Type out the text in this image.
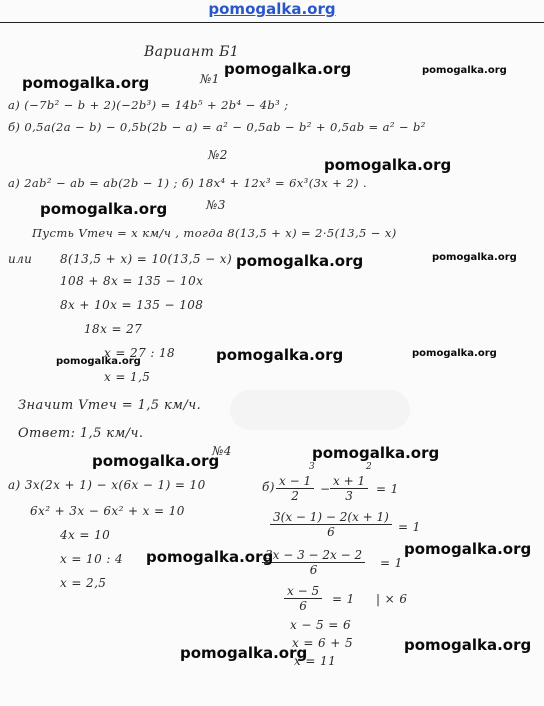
pomogalka.org
Вариант Б1
№1
а) (−7b² − b + 2)(−2b³) = 14b⁵ + 2b⁴ − 4b³ ;
б) 0,5a(2a − b) − 0,5b(2b − a) = a² − 0,5ab − b² + 0,5ab = a² − b²
№2
а) 2ab² − ab = ab(2b − 1) ; б) 18x⁴ + 12x³ = 6x³(3x + 2) .
№3
Пусть Vтеч = x км/ч , тогда 8(13,5 + x) = 2·5(13,5 − x)
или 8(13,5 + x) = 10(13,5 − x)
108 + 8x = 135 − 10x
8x + 10x = 135 − 108
18x = 27
x = 27 : 18
x = 1,5
Значит Vтеч = 1,5 км/ч.
Ответ: 1,5 км/ч.
№4
а) 3x(2x + 1) − x(6x − 1) = 10
6x² + 3x − 6x² + x = 10
4x = 10
x = 10 : 4
x = 2,5
б)
3	2
$\frac{x - 1}{2} - \frac{x + 1}{3} = 1$
$\frac{3(x - 1) - 2(x + 1)}{6} = 1$
$\frac{3x - 3 - 2x - 2}{6} = 1$
$\frac{x - 5}{6} = 1$ | × 6
x − 5 = 6
x = 6 + 5
x = 11
pomogalka.org
pomogalka.org
pomogalka.org
pomogalka.org
pomogalka.org
pomogalka.org	pomogalka.org
pomogalka.org
pomogalka.org
pomogalka.org
pomogalka.org
pomogalka.org
pomogalka.org
pomogalka.org
pomogalka.org
pomogalka.org
